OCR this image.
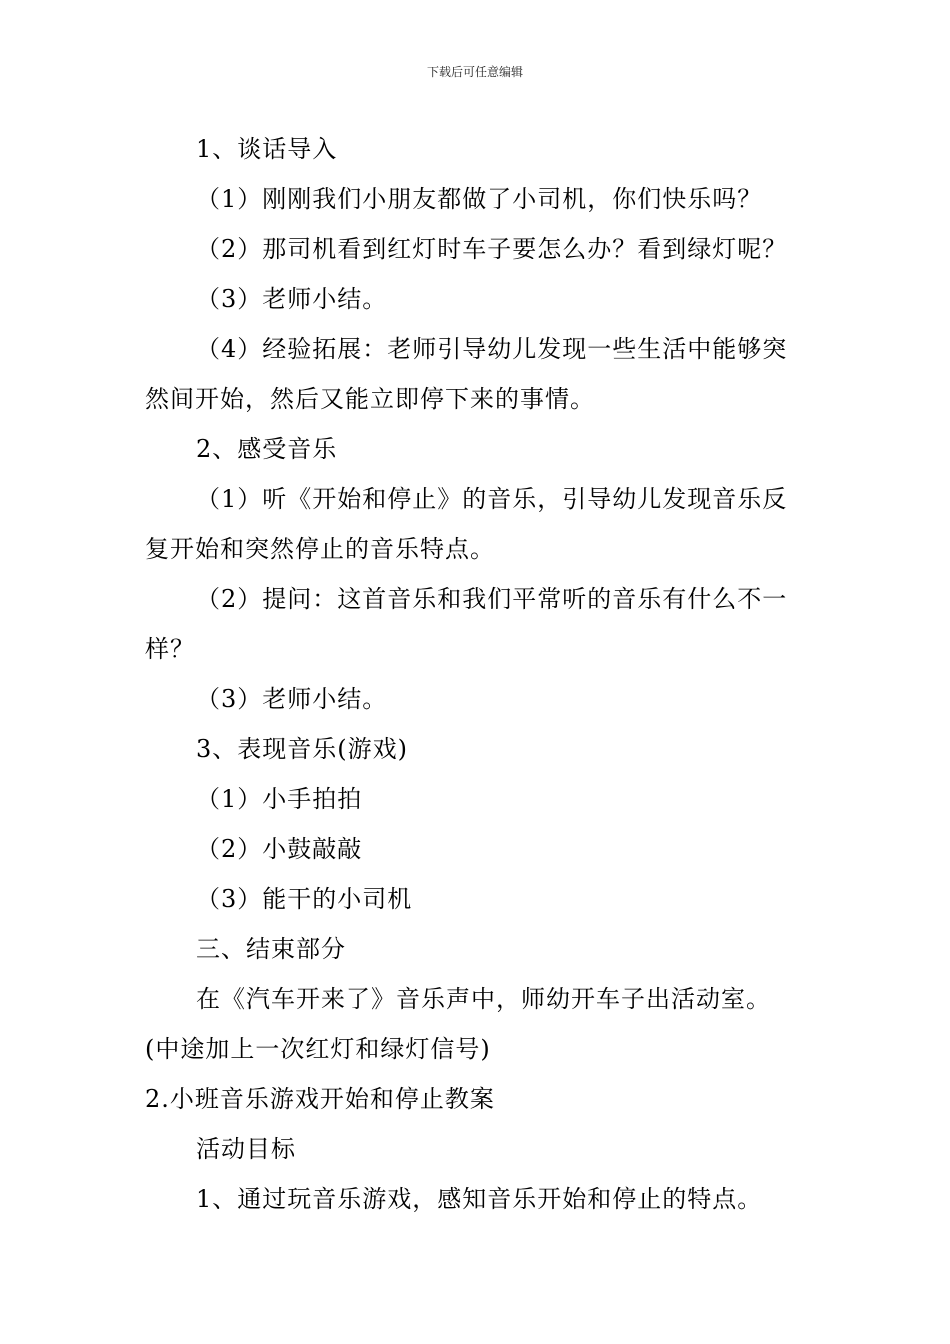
下载后可任意编辑
1、谈话导入
（1）刚刚我们小朋友都做了小司机，你们快乐吗？
（2）那司机看到红灯时车子要怎么办？看到绿灯呢？
（3）老师小结。
（4）经验拓展：老师引导幼儿发现一些生活中能够突
然间开始，然后又能立即停下来的事情。
2、感受音乐
（1）听《开始和停止》的音乐，引导幼儿发现音乐反
复开始和突然停止的音乐特点。
（2）提问：这首音乐和我们平常听的音乐有什么不一
样？
（3）老师小结。
3、表现音乐(游戏)
（1）小手拍拍
（2）小鼓敲敲
（3）能干的小司机
三、结束部分
在《汽车开来了》音乐声中，师幼开车子出活动室。
(中途加上一次红灯和绿灯信号)
2.小班音乐游戏开始和停止教案
活动目标
1、通过玩音乐游戏，感知音乐开始和停止的特点。
